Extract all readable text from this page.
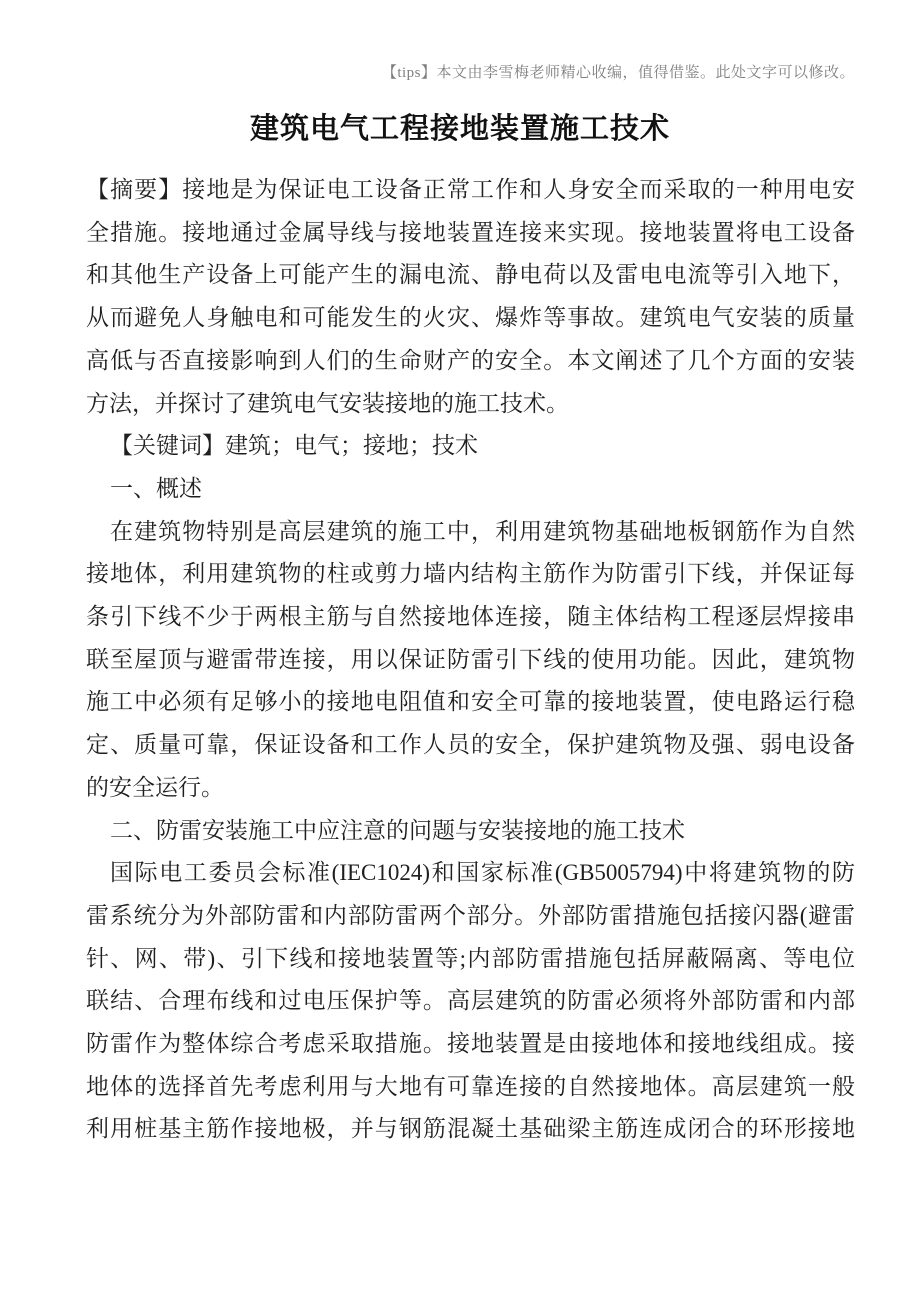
【tips】本文由李雪梅老师精心收编，值得借鉴。此处文字可以修改。
建筑电气工程接地装置施工技术
【摘要】接地是为保证电工设备正常工作和人身安全而采取的一种用电安
全措施。接地通过金属导线与接地装置连接来实现。接地装置将电工设备
和其他生产设备上可能产生的漏电流、静电荷以及雷电电流等引入地下，
从而避免人身触电和可能发生的火灾、爆炸等事故。建筑电气安装的质量
高低与否直接影响到人们的生命财产的安全。本文阐述了几个方面的安装
方法，并探讨了建筑电气安装接地的施工技术。
【关键词】建筑；电气；接地；技术
一、概述
在建筑物特别是高层建筑的施工中，利用建筑物基础地板钢筋作为自然
接地体，利用建筑物的柱或剪力墙内结构主筋作为防雷引下线，并保证每
条引下线不少于两根主筋与自然接地体连接，随主体结构工程逐层焊接串
联至屋顶与避雷带连接，用以保证防雷引下线的使用功能。因此，建筑物
施工中必须有足够小的接地电阻值和安全可靠的接地装置，使电路运行稳
定、质量可靠，保证设备和工作人员的安全，保护建筑物及强、弱电设备
的安全运行。
二、防雷安装施工中应注意的问题与安装接地的施工技术
国际电工委员会标准(IEC1024)和国家标准(GB5005794)中将建筑物的防
雷系统分为外部防雷和内部防雷两个部分。外部防雷措施包括接闪器(避雷
针、网、带)、引下线和接地装置等;内部防雷措施包括屏蔽隔离、等电位
联结、合理布线和过电压保护等。高层建筑的防雷必须将外部防雷和内部
防雷作为整体综合考虑采取措施。接地装置是由接地体和接地线组成。接
地体的选择首先考虑利用与大地有可靠连接的自然接地体。高层建筑一般
利用桩基主筋作接地极，并与钢筋混凝土基础梁主筋连成闭合的环形接地
